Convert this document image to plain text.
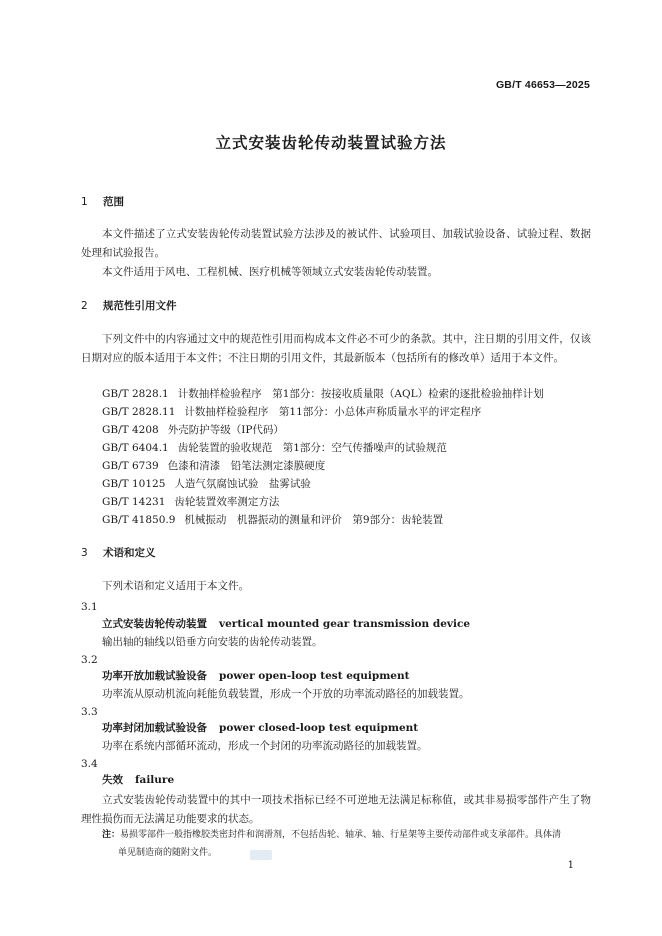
GB/T 46653—2025
立式安装齿轮传动装置试验方法
1 范围
本文件描述了立式安装齿轮传动装置试验方法涉及的被试件、试验项目、加载试验设备、试验过程、数据处理和试验报告。
本文件适用于风电、工程机械、医疗机械等领域立式安装齿轮传动装置。
2 规范性引用文件
下列文件中的内容通过文中的规范性引用而构成本文件必不可少的条款。其中，注日期的引用文件，仅该日期对应的版本适用于本文件；不注日期的引用文件，其最新版本（包括所有的修改单）适用于本文件。
GB/T 2828.1 计数抽样检验程序　第1部分：按接收质量限（AQL）检索的逐批检验抽样计划
GB/T 2828.11 计数抽样检验程序　第11部分：小总体声称质量水平的评定程序
GB/T 4208 外壳防护等级（IP代码）
GB/T 6404.1 齿轮装置的验收规范　第1部分：空气传播噪声的试验规范
GB/T 6739 色漆和清漆　铅笔法测定漆膜硬度
GB/T 10125 人造气氛腐蚀试验　盐雾试验
GB/T 14231 齿轮装置效率测定方法
GB/T 41850.9 机械振动　机器振动的测量和评价　第9部分：齿轮装置
3 术语和定义
下列术语和定义适用于本文件。
3.1
立式安装齿轮传动装置 vertical mounted gear transmission device
输出轴的轴线以铅垂方向安装的齿轮传动装置。
3.2
功率开放加载试验设备 power open-loop test equipment
功率流从原动机流向耗能负载装置，形成一个开放的功率流动路径的加载装置。
3.3
功率封闭加载试验设备 power closed-loop test equipment
功率在系统内部循环流动，形成一个封闭的功率流动路径的加载装置。
3.4
失效 failure
立式安装齿轮传动装置中的其中一项技术指标已经不可逆地无法满足标称值，或其非易损零部件产生了物理性损伤而无法满足功能要求的状态。
注：易损零部件一般指橡胶类密封件和润滑剂，不包括齿轮、轴承、轴、行星架等主要传动部件或支承部件。具体清
单见制造商的随附文件。
1
